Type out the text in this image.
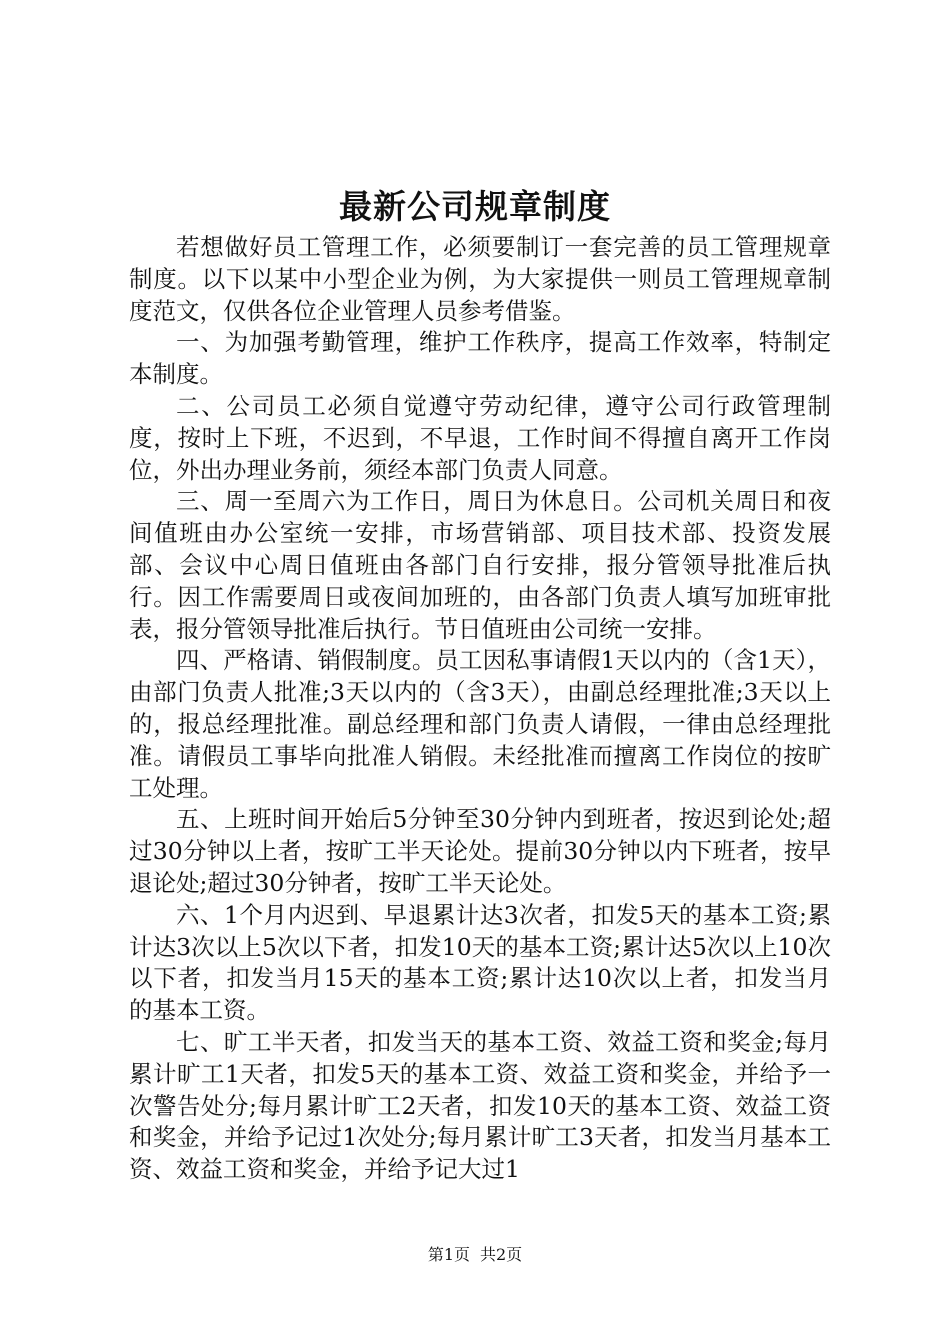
最新公司规章制度

若想做好员工管理工作，必须要制订一套完善的员工管理规章制度。以下以某中小型企业为例，为大家提供一则员工管理规章制度范文，仅供各位企业管理人员参考借鉴。

一、为加强考勤管理，维护工作秩序，提高工作效率，特制定本制度。

二、公司员工必须自觉遵守劳动纪律，遵守公司行政管理制度，按时上下班，不迟到，不早退，工作时间不得擅自离开工作岗位，外出办理业务前，须经本部门负责人同意。

三、周一至周六为工作日，周日为休息日。公司机关周日和夜间值班由办公室统一安排，市场营销部、项目技术部、投资发展部、会议中心周日值班由各部门自行安排，报分管领导批准后执行。因工作需要周日或夜间加班的，由各部门负责人填写加班审批表，报分管领导批准后执行。节日值班由公司统一安排。

四、严格请、销假制度。员工因私事请假1天以内的（含1天），由部门负责人批准;3天以内的（含3天），由副总经理批准;3天以上的，报总经理批准。副总经理和部门负责人请假，一律由总经理批准。请假员工事毕向批准人销假。未经批准而擅离工作岗位的按旷工处理。

五、上班时间开始后5分钟至30分钟内到班者，按迟到论处;超过30分钟以上者，按旷工半天论处。提前30分钟以内下班者，按早退论处;超过30分钟者，按旷工半天论处。

六、1个月内迟到、早退累计达3次者，扣发5天的基本工资;累计达3次以上5次以下者，扣发10天的基本工资;累计达5次以上10次以下者，扣发当月15天的基本工资;累计达10次以上者，扣发当月的基本工资。

七、旷工半天者，扣发当天的基本工资、效益工资和奖金;每月累计旷工1天者，扣发5天的基本工资、效益工资和奖金，并给予一次警告处分;每月累计旷工2天者，扣发10天的基本工资、效益工资和奖金，并给予记过1次处分;每月累计旷工3天者，扣发当月基本工资、效益工资和奖金，并给予记大过1

第1页 共2页
